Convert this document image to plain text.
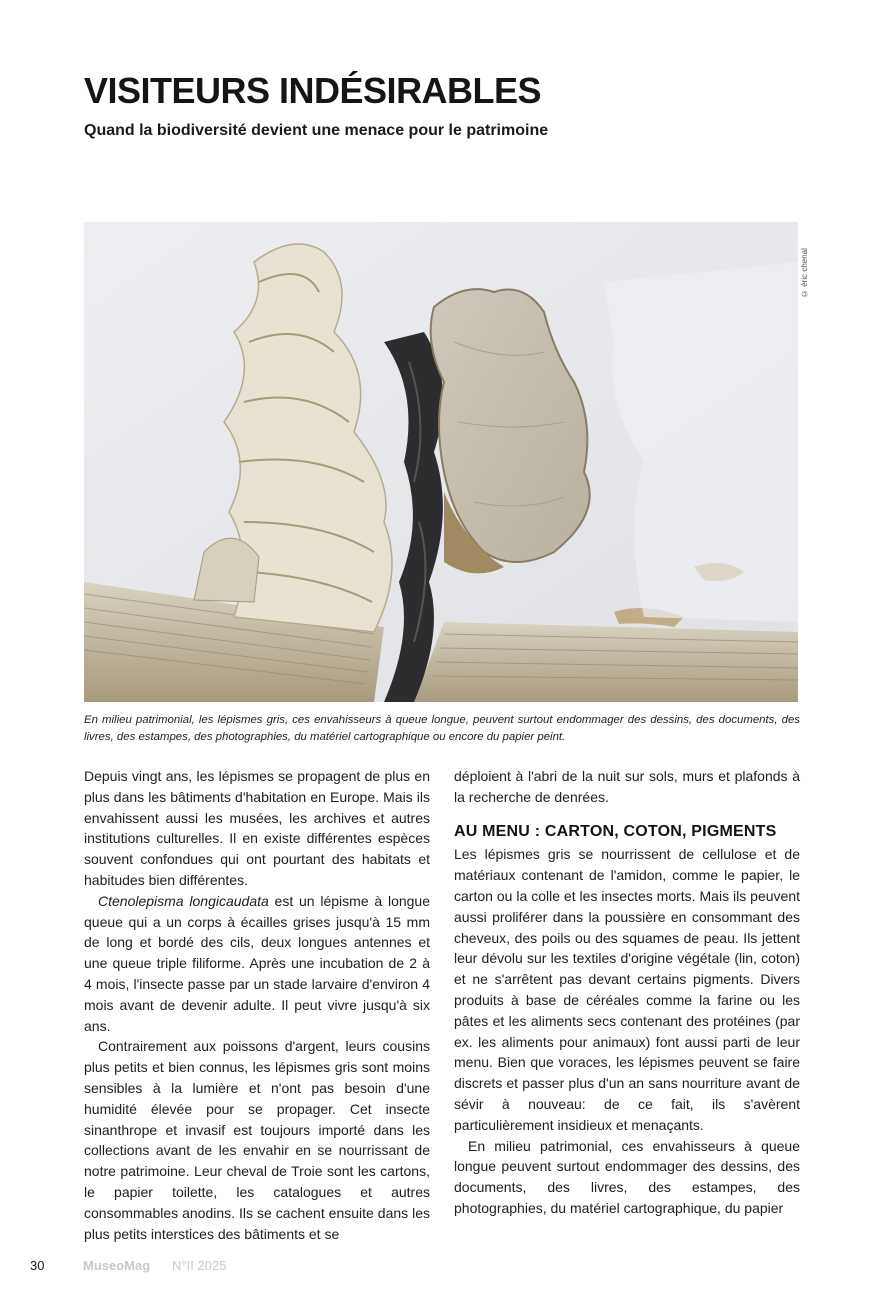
VISITEURS INDÉSIRABLES
Quand la biodiversité devient une menace pour le patrimoine
© éric chenal
En milieu patrimonial, les lépismes gris, ces envahisseurs à queue longue, peuvent surtout endommager des dessins, des documents, des livres, des estampes, des photographies, du matériel cartographique ou encore du papier peint.

Depuis vingt ans, les lépismes se propagent de plus en plus dans les bâtiments d'habitation en Europe. Mais ils envahissent aussi les musées, les archives et autres institutions culturelles. Il en existe différentes espèces souvent confondues qui ont pourtant des habitats et habitudes bien différentes.

Ctenolepisma longicaudata est un lépisme à longue queue qui a un corps à écailles grises jusqu'à 15 mm de long et bordé des cils, deux longues antennes et une queue triple filiforme. Après une incubation de 2 à 4 mois, l'insecte passe par un stade larvaire d'environ 4 mois avant de devenir adulte. Il peut vivre jusqu'à six ans.

Contrairement aux poissons d'argent, leurs cousins plus petits et bien connus, les lépismes gris sont moins sensibles à la lumière et n'ont pas besoin d'une humidité élevée pour se propager. Cet insecte sinanthrope et invasif est toujours importé dans les collections avant de les envahir en se nourrissant de notre patrimoine. Leur cheval de Troie sont les cartons, le papier toilette, les catalogues et autres consommables anodins. Ils se cachent ensuite dans les plus petits interstices des bâtiments et se

déploient à l'abri de la nuit sur sols, murs et plafonds à la recherche de denrées.

AU MENU : CARTON, COTON, PIGMENTS

Les lépismes gris se nourrissent de cellulose et de matériaux contenant de l'amidon, comme le papier, le carton ou la colle et les insectes morts. Mais ils peuvent aussi proliférer dans la poussière en consommant des cheveux, des poils ou des squames de peau. Ils jettent leur dévolu sur les textiles d'origine végétale (lin, coton) et ne s'arrêtent pas devant certains pigments. Divers produits à base de céréales comme la farine ou les pâtes et les aliments secs contenant des protéines (par ex. les aliments pour animaux) font aussi parti de leur menu. Bien que voraces, les lépismes peuvent se faire discrets et passer plus d'un an sans nourriture avant de sévir à nouveau: de ce fait, ils s'avèrent particulièrement insidieux et menaçants.

En milieu patrimonial, ces envahisseurs à queue longue peuvent surtout endommager des dessins, des documents, des livres, des estampes, des photographies, du matériel cartographique, du papier

30	MuseoMag N°II 2025
